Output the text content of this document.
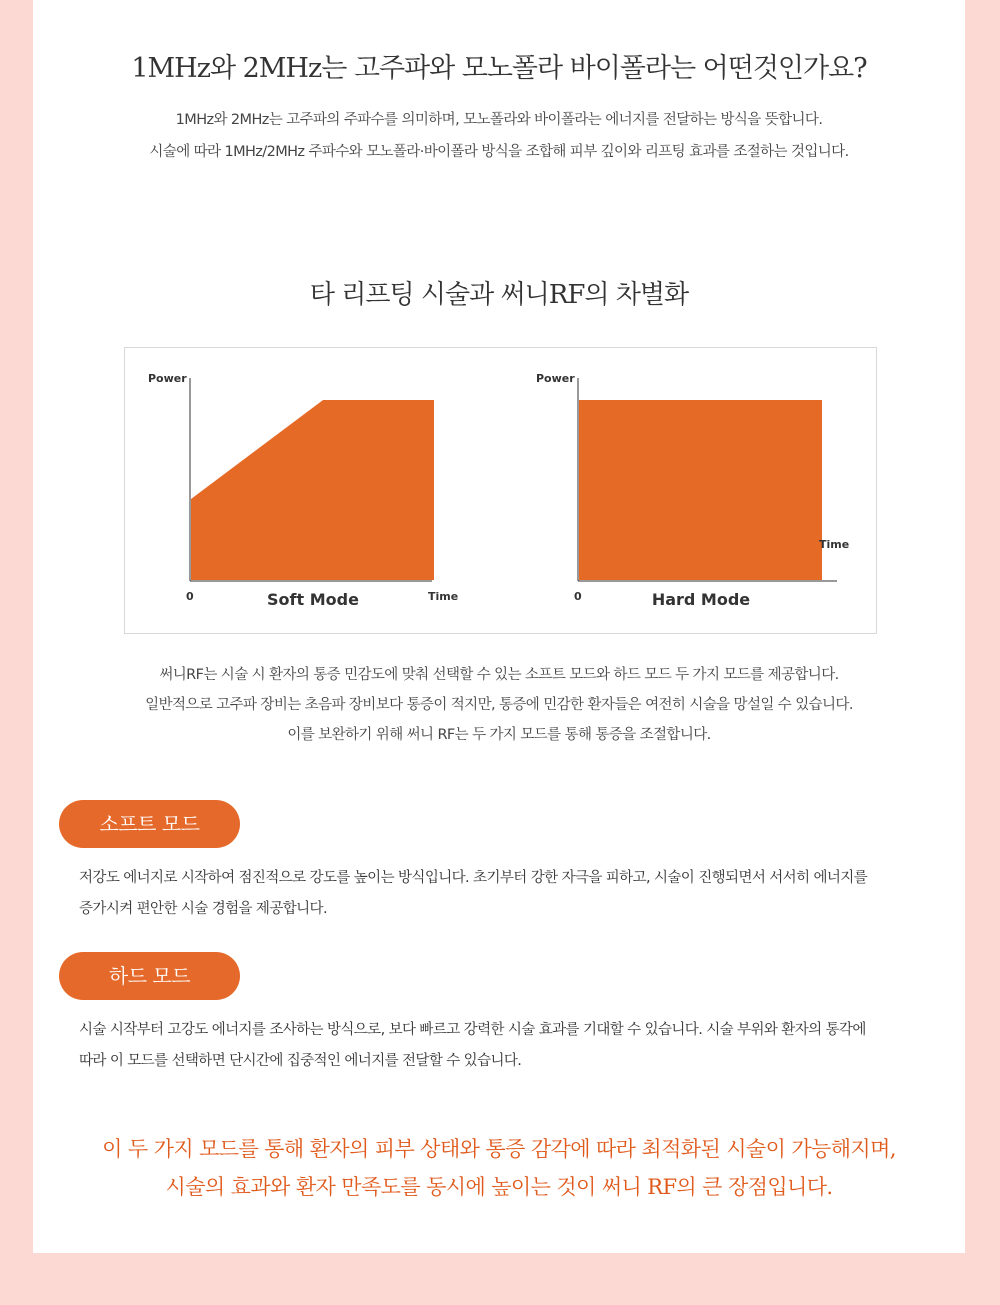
1MHz와 2MHz는 고주파와 모노폴라 바이폴라는 어떤것인가요?
1MHz와 2MHz는 고주파의 주파수를 의미하며, 모노폴라와 바이폴라는 에너지를 전달하는 방식을 뜻합니다.
시술에 따라 1MHz/2MHz 주파수와 모노폴라·바이폴라 방식을 조합해 피부 깊이와 리프팅 효과를 조절하는 것입니다.
타 리프팅 시술과 써니RF의 차별화
Power
0	Time
Soft Mode
Power
0
Time
Hard Mode
써니RF는 시술 시 환자의 통증 민감도에 맞춰 선택할 수 있는 소프트 모드와 하드 모드 두 가지 모드를 제공합니다.
일반적으로 고주파 장비는 초음파 장비보다 통증이 적지만, 통증에 민감한 환자들은 여전히 시술을 망설일 수 있습니다.
이를 보완하기 위해 써니 RF는 두 가지 모드를 통해 통증을 조절합니다.
소프트 모드
저강도 에너지로 시작하여 점진적으로 강도를 높이는 방식입니다. 초기부터 강한 자극을 피하고, 시술이 진행되면서 서서히 에너지를
증가시켜 편안한 시술 경험을 제공합니다.
하드 모드
시술 시작부터 고강도 에너지를 조사하는 방식으로, 보다 빠르고 강력한 시술 효과를 기대할 수 있습니다. 시술 부위와 환자의 통각에
따라 이 모드를 선택하면 단시간에 집중적인 에너지를 전달할 수 있습니다.
이 두 가지 모드를 통해 환자의 피부 상태와 통증 감각에 따라 최적화된 시술이 가능해지며,
시술의 효과와 환자 만족도를 동시에 높이는 것이 써니 RF의 큰 장점입니다.
